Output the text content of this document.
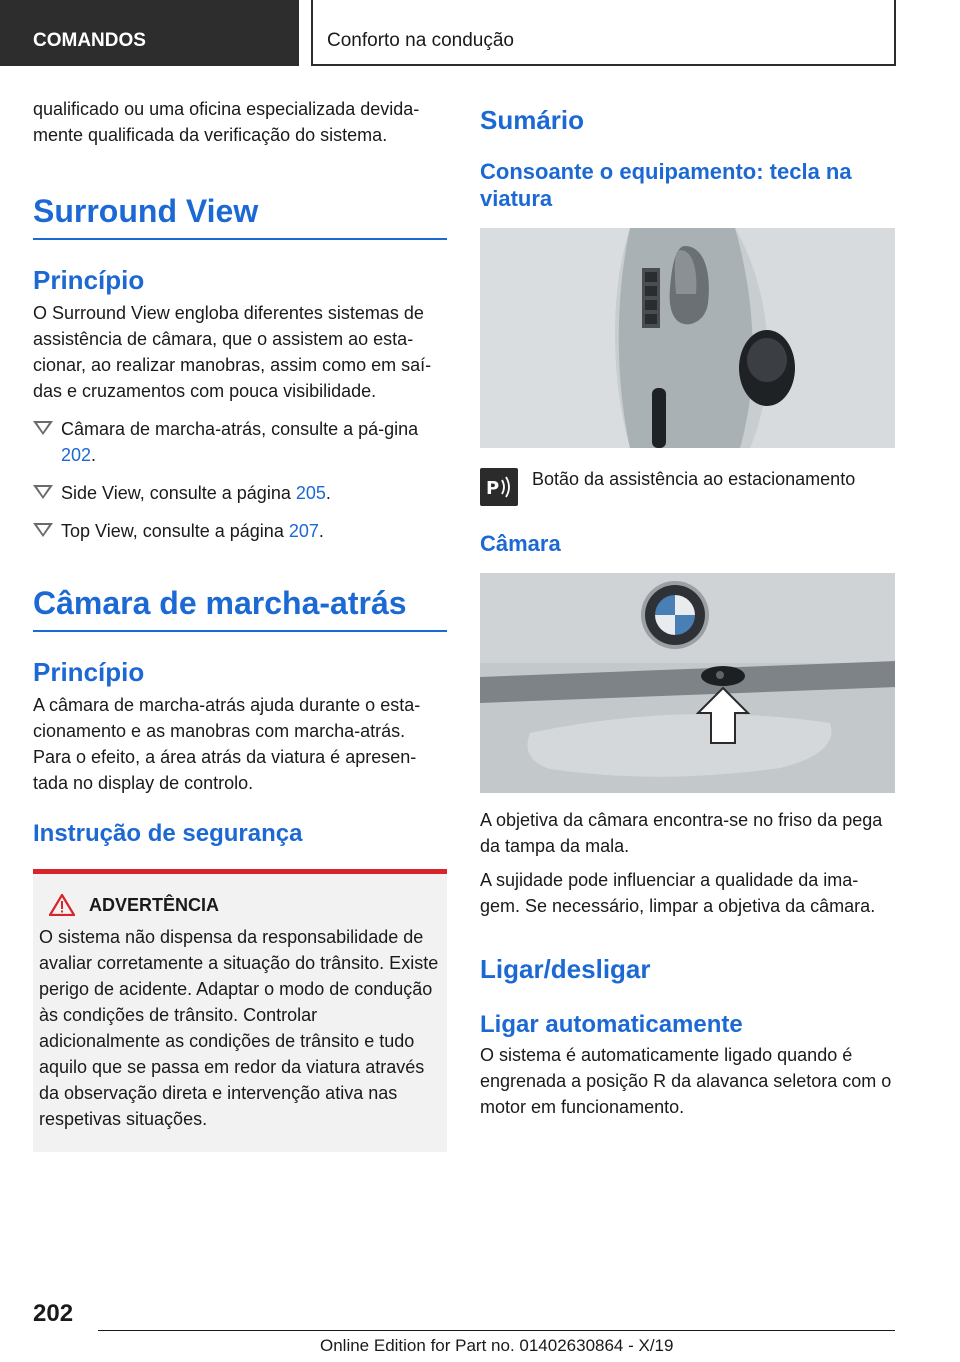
COMANDOS	Conforto na condução

qualificado ou uma oficina especializada devida-
mente qualificada da verificação do sistema.

Surround View
Princípio

O Surround View engloba diferentes sistemas de assistência de câmara, que o assistem ao esta-cionar, ao realizar manobras, assim como em saí-das e cruzamentos com pouca visibilidade.

Câmara de marcha-atrás, consulte a pá-gina 202.
Side View, consulte a página 205.
Top View, consulte a página 207.
Câmara de marcha-atrás
Princípio

A câmara de marcha-atrás ajuda durante o esta-cionamento e as manobras com marcha-atrás. Para o efeito, a área atrás da viatura é apresen-tada no display de controlo.

Instrução de segurança
ADVERTÊNCIA

O sistema não dispensa da responsabilidade de avaliar corretamente a situação do trânsito. Existe perigo de acidente. Adaptar o modo de condução às condições de trânsito. Controlar adicionalmente as condições de trânsito e tudo aquilo que se passa em redor da viatura através da observação direta e intervenção ativa nas respetivas situações.

Sumário
Consoante o equipamento: tecla na viatura
P Botão da assistência ao estacionamento
Câmara

A objetiva da câmara encontra-se no friso da pega da tampa da mala.

A sujidade pode influenciar a qualidade da ima-gem. Se necessário, limpar a objetiva da câmara.

Ligar/desligar
Ligar automaticamente

O sistema é automaticamente ligado quando é engrenada a posição R da alavanca seletora com o motor em funcionamento.

202
Online Edition for Part no. 01402630864 - X/19
